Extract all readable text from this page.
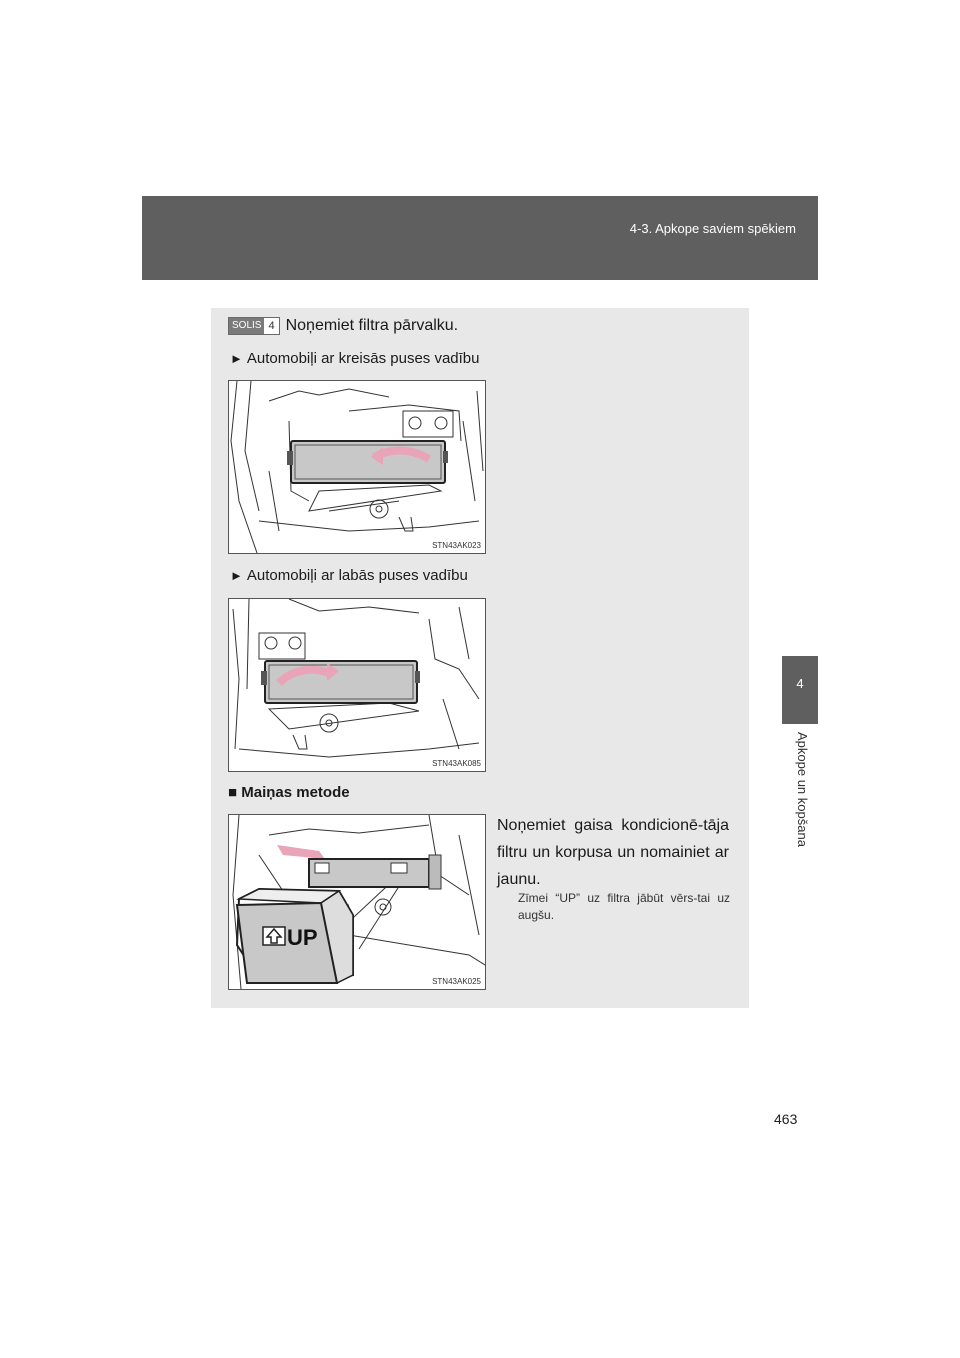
4-3. Apkope saviem spēkiem
4
Apkope un kopšana
SOLIS 4 Noņemiet filtra pārvalku.
► Automobiļi ar kreisās puses vadību
STN43AK023
► Automobiļi ar labās puses vadību
STN43AK085
■ Maiņas metode
UP
STN43AK025
Noņemiet gaisa kondicionē-tāja filtru un korpusa un nomainiet ar jaunu.
Zīmei “UP” uz filtra jābūt vērs-tai uz augšu.
463
